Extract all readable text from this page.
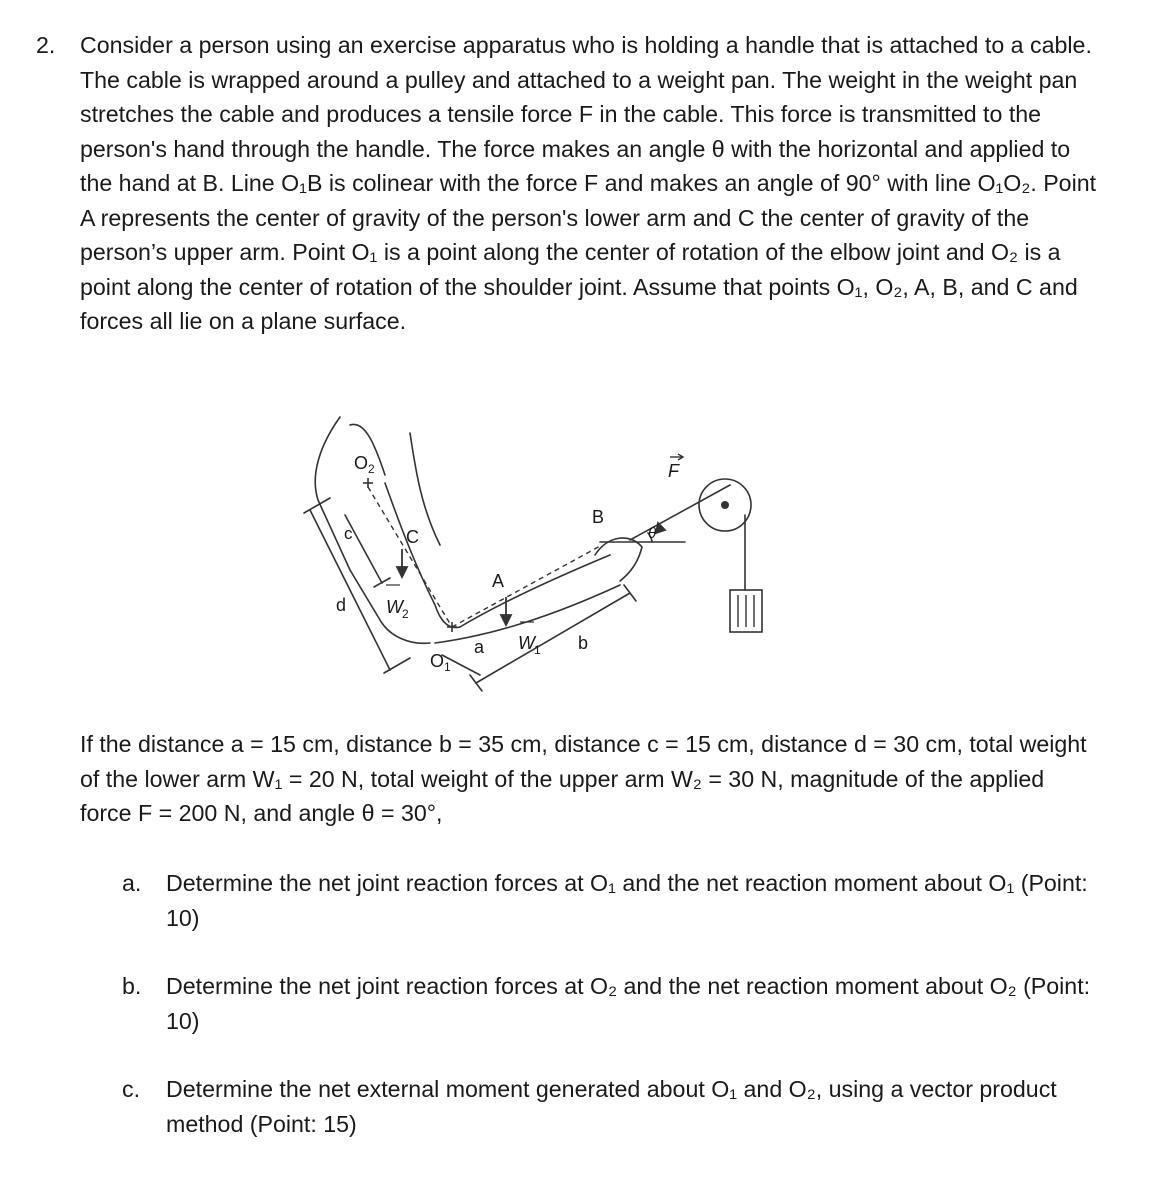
2. Consider a person using an exercise apparatus who is holding a handle that is attached to a cable. The cable is wrapped around a pulley and attached to a weight pan. The weight in the weight pan stretches the cable and produces a tensile force F in the cable. This force is transmitted to the person's hand through the handle. The force makes an angle θ with the horizontal and applied to the hand at B. Line O₁B is colinear with the force F and makes an angle of 90° with line O₁O₂. Point A represents the center of gravity of the person's lower arm and C the center of gravity of the person’s upper arm. Point O₁ is a point along the center of rotation of the elbow joint and O₂ is a point along the center of rotation of the shoulder joint. Assume that points O₁, O₂, A, B, and C and forces all lie on a plane surface.
O 2
c	C
d W 2
A
O 1
a W 1 b
B
θ
F
If the distance a = 15 cm, distance b = 35 cm, distance c = 15 cm, distance d = 30 cm, total weight of the lower arm W₁ = 20 N, total weight of the upper arm W₂ = 30 N, magnitude of the applied force F = 200 N, and angle θ = 30°,
a. Determine the net joint reaction forces at O₁ and the net reaction moment about O₁ (Point: 10)
b. Determine the net joint reaction forces at O₂ and the net reaction moment about O₂ (Point: 10)
c. Determine the net external moment generated about O₁ and O₂, using a vector product method (Point: 15)
